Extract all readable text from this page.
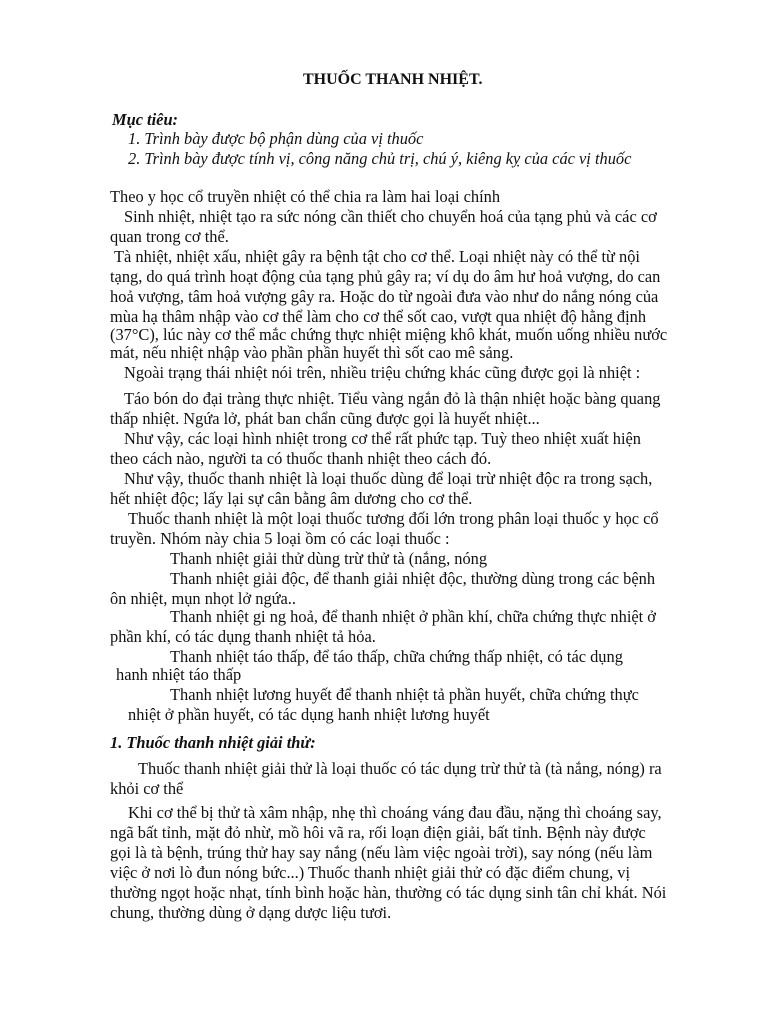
THUỐC THANH NHIỆT.
Mục tiêu:
1. Trình bày được bộ phận dùng của vị thuốc
2. Trình bày được tính vị, công năng chủ trị, chú ý, kiêng kỵ của các vị thuốc
Theo y học cổ truyền nhiệt có thể chia ra làm hai loại chính
Sinh nhiệt, nhiệt tạo ra sức nóng cần thiết cho chuyển hoá của tạng phủ và các cơ
quan trong cơ thể.
Tà nhiệt, nhiệt xấu, nhiệt gây ra bệnh tật cho cơ thể. Loại nhiệt này có thể từ nội
tạng, do quá trình hoạt động của tạng phủ gây ra; ví dụ do âm hư hoả vượng, do can
hoả vượng, tâm hoả vượng gây ra. Hoặc do từ ngoài đưa vào như do nắng nóng của
mùa hạ thâm nhập vào cơ thể làm cho cơ thể sốt cao, vượt qua nhiệt độ hằng định
(37°C), lúc này cơ thể mắc chứng thực nhiệt miệng khô khát, muốn uống nhiều nước
mát, nếu nhiệt nhập vào phần phần huyết thì sốt cao mê sảng.
Ngoài trạng thái nhiệt nói trên, nhiều triệu chứng khác cũng được gọi là nhiệt :
Táo bón do đại tràng thực nhiệt. Tiểu vàng ngắn đỏ là thận nhiệt hoặc bàng quang
thấp nhiệt. Ngứa lở, phát ban chẩn cũng được gọi là huyết nhiệt...
Như vậy, các loại hình nhiệt trong cơ thể rất phức tạp. Tuỳ theo nhiệt xuất hiện
theo cách nào, người ta có thuốc thanh nhiệt theo cách đó.
Như vậy, thuốc thanh nhiệt là loại thuốc dùng để loại trừ nhiệt độc ra trong sạch,
hết nhiệt độc; lấy lại sự cân bằng âm dương cho cơ thể.
Thuốc thanh nhiệt là một loại thuốc tương đối lớn trong phân loại thuốc y học cổ
truyền. Nhóm này chia 5 loại ồm có các loại thuốc :
Thanh nhiệt giải thử dùng trừ thử tà (nắng, nóng
Thanh nhiệt giải độc, để thanh giải nhiệt độc, thường dùng trong các bệnh
ôn nhiệt, mụn nhọt lở ngứa..
Thanh nhiệt gi ng hoả, để thanh nhiệt ở phần khí, chữa chứng thực nhiệt ở
phần khí, có tác dụng thanh nhiệt tả hỏa.
Thanh nhiệt táo thấp, để táo thấp, chữa chứng thấp nhiệt, có tác dụng
hanh nhiệt táo thấp
Thanh nhiệt lương huyết để thanh nhiệt tả phần huyết, chữa chứng thực
nhiệt ở phần huyết, có tác dụng hanh nhiệt lương huyết
1. Thuốc thanh nhiệt giải thử:
Thuốc thanh nhiệt giải thử là loại thuốc có tác dụng trừ thử tà (tà nắng, nóng) ra
khỏi cơ thể
Khi cơ thể bị thử tà xâm nhập, nhẹ thì choáng váng đau đầu, nặng thì choáng say,
ngã bất tỉnh, mặt đỏ nhừ, mồ hôi vã ra, rối loạn điện giải, bất tỉnh. Bệnh này được
gọi là tà bệnh, trúng thử hay say nắng (nếu làm việc ngoài trời), say nóng (nếu làm
việc ở nơi lò đun nóng bức...) Thuốc thanh nhiệt giải thử có đặc điểm chung, vị
thường ngọt hoặc nhạt, tính bình hoặc hàn, thường có tác dụng sinh tân chỉ khát. Nói
chung, thường dùng ở dạng dược liệu tươi.
